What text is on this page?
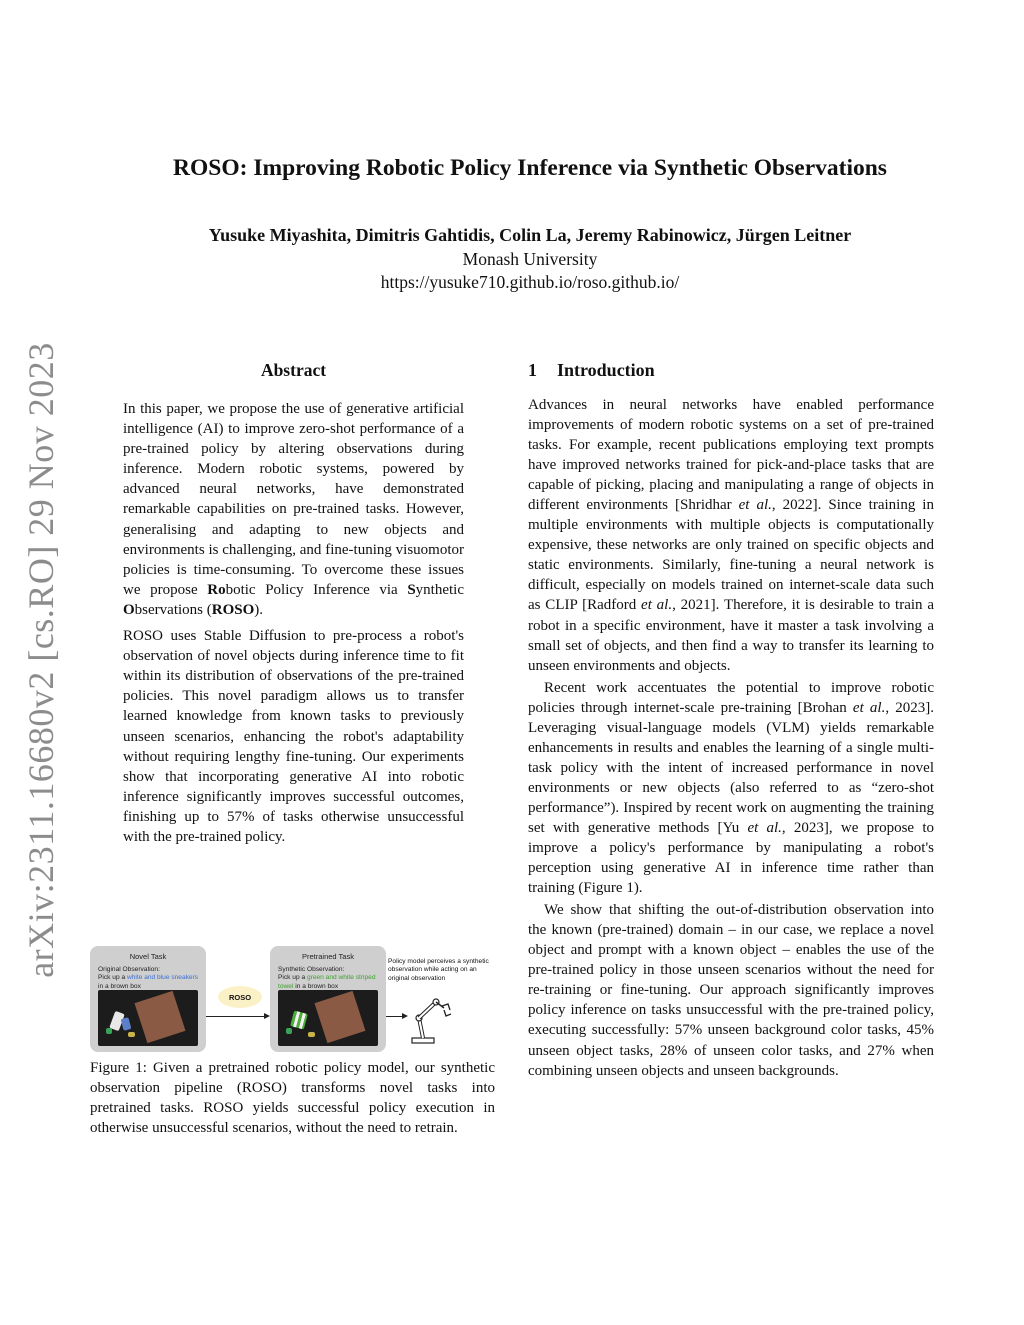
arXiv:2311.16680v2 [cs.RO] 29 Nov 2023
ROSO: Improving Robotic Policy Inference via Synthetic Observations
Yusuke Miyashita, Dimitris Gahtidis, Colin La, Jeremy Rabinowicz, Jürgen Leitner
Monash University
https://yusuke710.github.io/roso.github.io/
Abstract

In this paper, we propose the use of generative artificial intelligence (AI) to improve zero-shot performance of a pre-trained policy by altering observations during inference. Modern robotic systems, powered by advanced neural networks, have demonstrated remarkable capabilities on pre-trained tasks. However, generalising and adapting to new objects and environments is challenging, and fine-tuning visuomotor policies is time-consuming. To overcome these issues we propose Robotic Policy Inference via Synthetic Observations (ROSO).

ROSO uses Stable Diffusion to pre-process a robot's observation of novel objects during inference time to fit within its distribution of observations of the pre-trained policies. This novel paradigm allows us to transfer learned knowledge from known tasks to previously unseen scenarios, enhancing the robot's adaptability without requiring lengthy fine-tuning. Our experiments show that incorporating generative AI into robotic inference significantly improves successful outcomes, finishing up to 57% of tasks otherwise unsuccessful with the pre-trained policy.

Novel Task
Original Observation:
Pick up a white and blue sneakers in a brown box
ROSO
Pretrained Task
Synthetic Observation:
Pick up a green and white striped towel in a brown box
Policy model perceives a synthetic observation while acting on an original observation
Figure 1: Given a pretrained robotic policy model, our synthetic observation pipeline (ROSO) transforms novel tasks into pretrained tasks. ROSO yields successful policy execution in otherwise unsuccessful scenarios, without the need to retrain.
1 Introduction

Advances in neural networks have enabled performance improvements of modern robotic systems on a set of pre-trained tasks. For example, recent publications employing text prompts have improved networks trained for pick-and-place tasks that are capable of picking, placing and manipulating a range of objects in different environments [Shridhar et al., 2022]. Since training in multiple environments with multiple objects is computationally expensive, these networks are only trained on specific objects and static environments. Similarly, fine-tuning a neural network is difficult, especially on models trained on internet-scale data such as CLIP [Radford et al., 2021]. Therefore, it is desirable to train a robot in a specific environment, have it master a task involving a small set of objects, and then find a way to transfer its learning to unseen environments and objects.

Recent work accentuates the potential to improve robotic policies through internet-scale pre-training [Brohan et al., 2023]. Leveraging visual-language models (VLM) yields remarkable enhancements in results and enables the learning of a single multi-task policy with the intent of increased performance in novel environments or new objects (also referred to as “zero-shot performance”). Inspired by recent work on augmenting the training set with generative methods [Yu et al., 2023], we propose to improve a policy's performance by manipulating a robot's perception using generative AI in inference time rather than training (Figure 1).

We show that shifting the out-of-distribution observation into the known (pre-trained) domain – in our case, we replace a novel object and prompt with a known object – enables the use of the pre-trained policy in those unseen scenarios without the need for re-training or fine-tuning. Our approach significantly improves policy inference on tasks unsuccessful with the pre-trained policy, executing successfully: 57% unseen background color tasks, 45% unseen object tasks, 28% of unseen color tasks, and 27% when combining unseen objects and unseen backgrounds.
